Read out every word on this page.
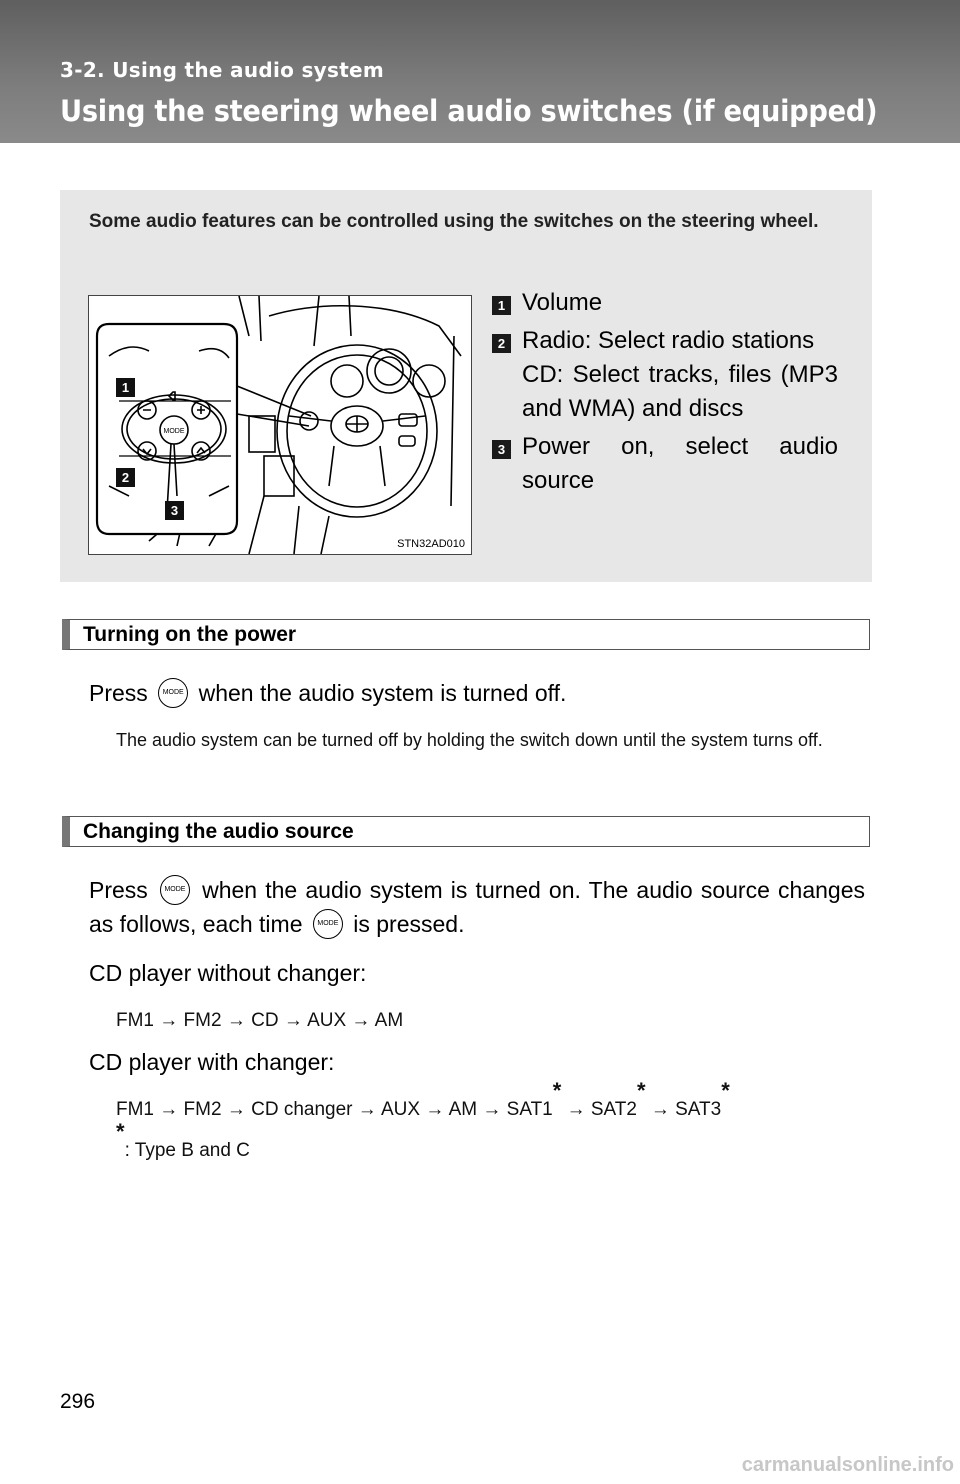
3-2. Using the audio system
Using the steering wheel audio switches (if equipped)
Some audio features can be controlled using the switches on the steering wheel.
MODE
1
2
3
STN32AD010
1 Volume
2 Radio: Select radio stations
CD: Select tracks, files (MP3 and WMA) and discs
3 Power on, select audio source
Turning on the power
Press MODE when the audio system is turned off.
The audio system can be turned off by holding the switch down until the system turns off.
Changing the audio source
Press MODE when the audio system is turned on. The audio source changes as follows, each time MODE is pressed.
CD player without changer:
FM1 → FM2 → CD → AUX → AM
CD player with changer:
FM1 → FM2 → CD changer → AUX → AM → SAT1* → SAT2* → SAT3*
*: Type B and C
296
carmanualsonline.info
